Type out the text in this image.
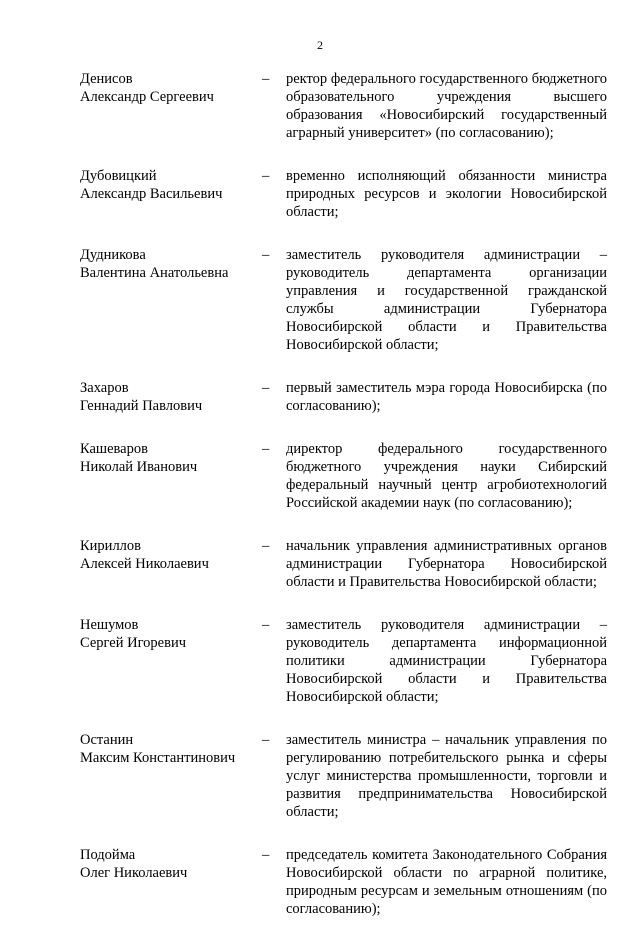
2
Денисов
Александр Сергеевич
–	ректор федерального государственного бюджетного образовательного учреждения высшего образования «Новосибирский государственный аграрный университет» (по согласованию);
Дубовицкий
Александр Васильевич
–	временно исполняющий обязанности министра природных ресурсов и экологии Новосибирской области;
Дудникова
Валентина Анатольевна
–	заместитель руководителя администрации – руководитель департамента организации управления и государственной гражданской службы администрации Губернатора Новосибирской области и Правительства Новосибирской области;
Захаров
Геннадий Павлович
–	первый заместитель мэра города Новосибирска (по согласованию);
Кашеваров
Николай Иванович
–	директор федерального государственного бюджетного учреждения науки Сибирский федеральный научный центр агробиотехнологий Российской академии наук (по согласованию);
Кириллов
Алексей Николаевич
–	начальник управления административных органов администрации Губернатора Новосибирской области и Правительства Новосибирской области;
Нешумов
Сергей Игоревич
–	заместитель руководителя администрации – руководитель департамента информационной политики администрации Губернатора Новосибирской области и Правительства Новосибирской области;
Останин
Максим Константинович
–	заместитель министра – начальник управления по регулированию потребительского рынка и сферы услуг министерства промышленности, торговли и развития предпринимательства Новосибирской области;
Подойма
Олег Николаевич
–	председатель комитета Законодательного Собрания Новосибирской области по аграрной политике, природным ресурсам и земельным отношениям (по согласованию);
